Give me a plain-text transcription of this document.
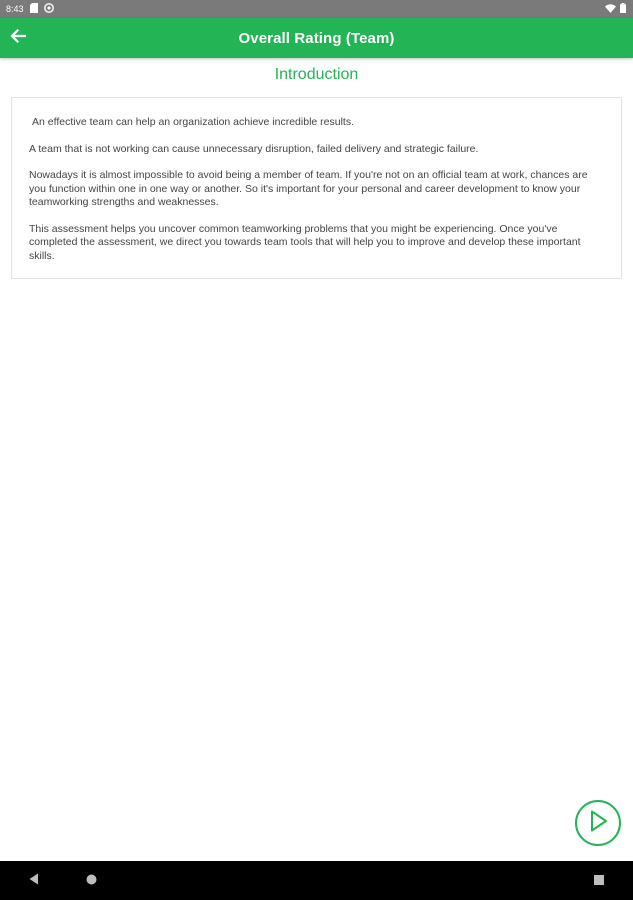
8:43
Overall Rating (Team)
Introduction

An effective team can help an organization achieve incredible results.

A team that is not working can cause unnecessary disruption, failed delivery and strategic failure.

Nowadays it is almost impossible to avoid being a member of team. If you're not on an official team at work, chances are you function within one in one way or another. So it's important for your personal and career development to know your teamworking strengths and weaknesses.

This assessment helps you uncover common teamworking problems that you might be experiencing. Once you've completed the assessment, we direct you towards team tools that will help you to improve and develop these important skills.
